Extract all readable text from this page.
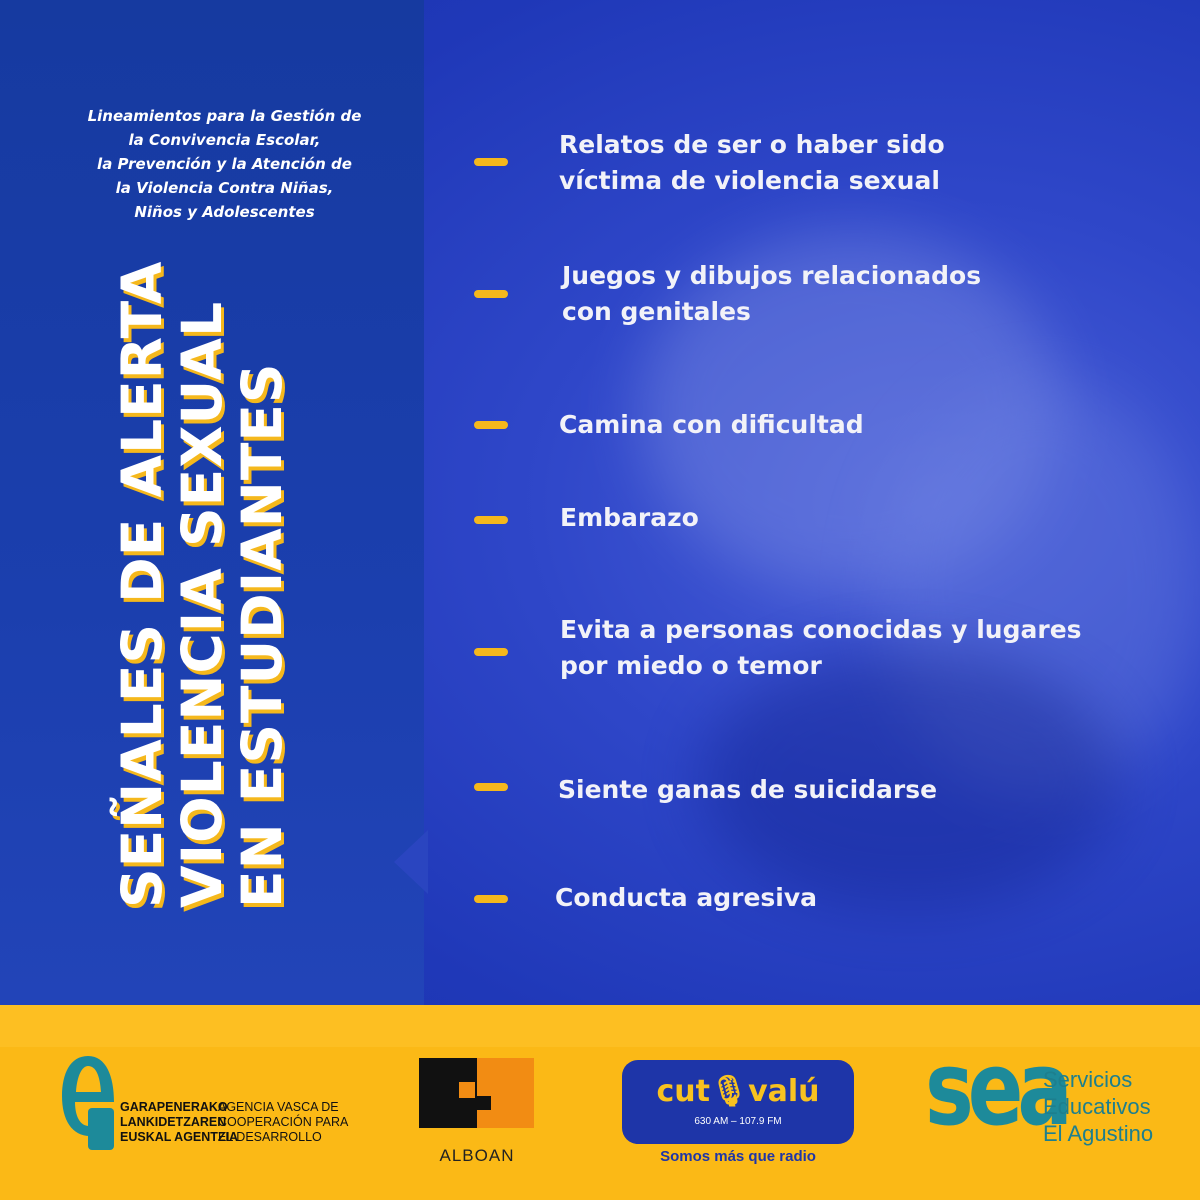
Lineamientos para la Gestión de
la Convivencia Escolar,
la Prevención y la Atención de
la Violencia Contra Niñas,
Niños y Adolescentes
SEÑALES DE ALERTA
VIOLENCIA SEXUAL
EN ESTUDIANTES
Relatos de ser o haber sido
víctima de violencia sexual
Juegos y dibujos relacionados
con genitales
Camina con dificultad
Embarazo
Evita a personas conocidas y lugares
por miedo o temor
Siente ganas de suicidarse
Conducta agresiva
GARAPENERAKO
LANKIDETZAREN
EUSKAL AGENTZIA
AGENCIA VASCA DE
COOPERACIÓN PARA
EL DESARROLLO
ALBOAN
cut🎙valú
630 AM – 107.9 FM
Somos más que radio
sea
Servicios
Educativos
El Agustino
